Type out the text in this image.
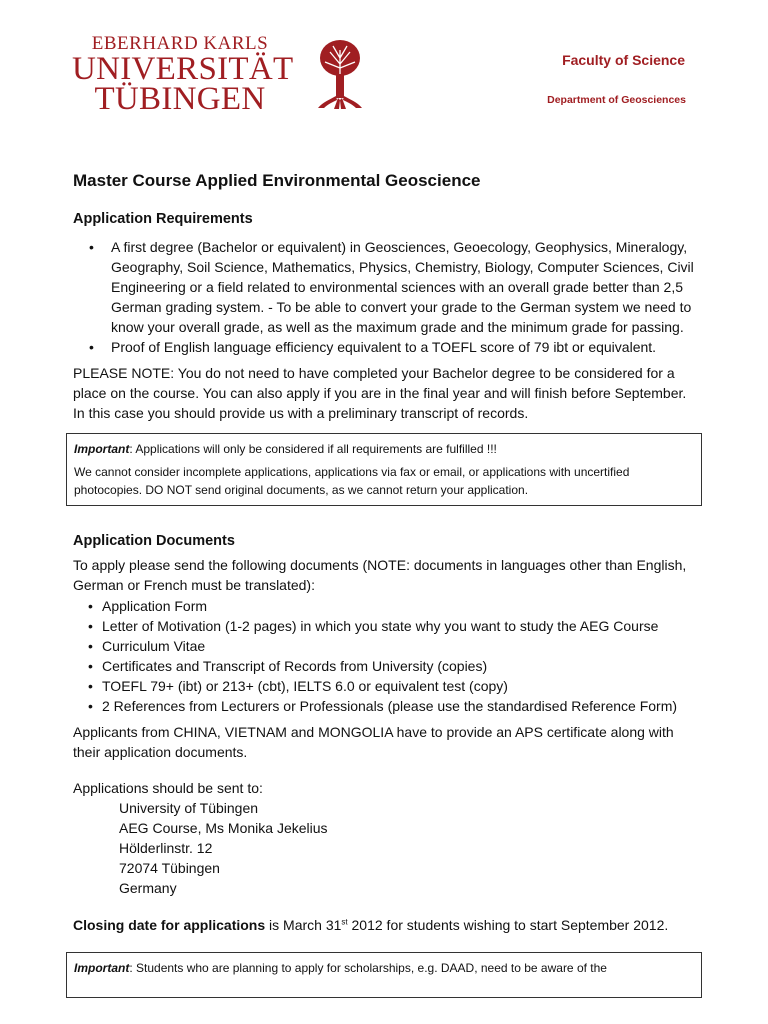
EBERHARD KARLS
UNIVERSITÄT
TÜBINGEN
Faculty of Science
Department of Geosciences
Master Course Applied Environmental Geoscience
Application Requirements
• A first degree (Bachelor or equivalent) in Geosciences, Geoecology, Geophysics, Mineralogy, Geography, Soil Science, Mathematics, Physics, Chemistry, Biology, Computer Sciences, Civil Engineering or a field related to environmental sciences with an overall grade better than 2,5 German grading system. - To be able to convert your grade to the German system we need to know your overall grade, as well as the maximum grade and the minimum grade for passing.
• Proof of English language efficiency equivalent to a TOEFL score of 79 ibt or equivalent.

PLEASE NOTE: You do not need to have completed your Bachelor degree to be considered for a place on the course. You can also apply if you are in the final year and will finish before September. In this case you should provide us with a preliminary transcript of records.

Important: Applications will only be considered if all requirements are fulfilled !!!

We cannot consider incomplete applications, applications via fax or email, or applications with uncertified photocopies. DO NOT send original documents, as we cannot return your application.

Application Documents

To apply please send the following documents (NOTE: documents in languages other than English, German or French must be translated):

• Application Form
• Letter of Motivation (1-2 pages) in which you state why you want to study the AEG Course
• Curriculum Vitae
• Certificates and Transcript of Records from University (copies)
• TOEFL 79+ (ibt) or 213+ (cbt), IELTS 6.0 or equivalent test (copy)
• 2 References from Lecturers or Professionals (please use the standardised Reference Form)

Applicants from CHINA, VIETNAM and MONGOLIA have to provide an APS certificate along with their application documents.

Applications should be sent to:

University of Tübingen
AEG Course, Ms Monika Jekelius
Hölderlinstr. 12
72074 Tübingen
Germany

Closing date for applications is March 31st 2012 for students wishing to start September 2012.

Important: Students who are planning to apply for scholarships, e.g. DAAD, need to be aware of the
